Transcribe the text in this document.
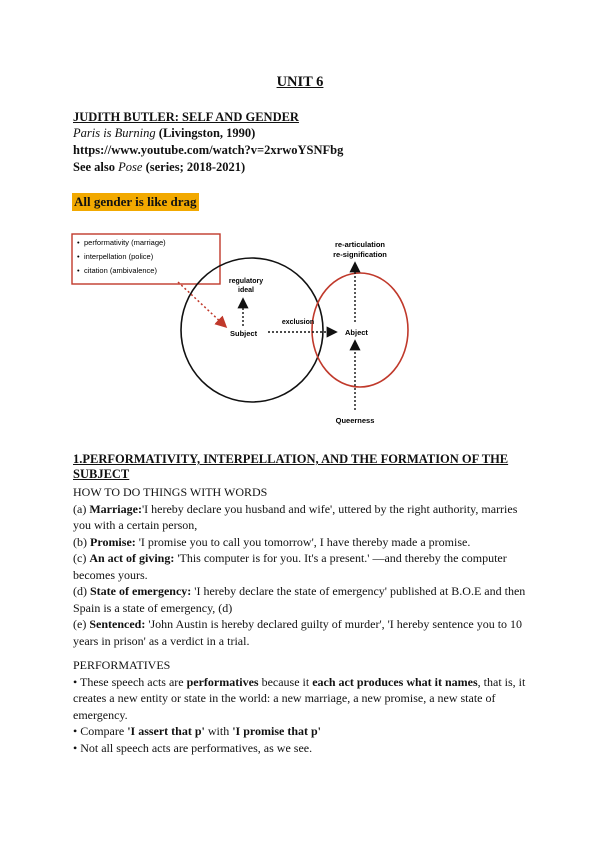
UNIT 6
JUDITH BUTLER: SELF AND GENDER
Paris is Burning (Livingston, 1990)
https://www.youtube.com/watch?v=2xrwoYSNFbg
See also Pose (series; 2018-2021)
All gender is like drag
• performativity (marriage)
• interpellation (police)
• citation (ambivalence)
regulatory
ideal
Subject
exclusion
Abject
re-articulation
re-signification
Queerness
1.PERFORMATIVITY, INTERPELLATION, AND THE FORMATION OF THE SUBJECT

HOW TO DO THINGS WITH WORDS

(a) Marriage:'I hereby declare you husband and wife', uttered by the right authority, marries you with a certain person,

(b) Promise: 'I promise you to call you tomorrow', I have thereby made a promise.

(c) An act of giving: 'This computer is for you. It's a present.' —and thereby the computer becomes yours.

(d) State of emergency: 'I hereby declare the state of emergency' published at B.O.E and then Spain is a state of emergency, (d)

(e) Sentenced: 'John Austin is hereby declared guilty of murder', 'I hereby sentence you to 10 years in prison' as a verdict in a trial.

PERFORMATIVES

• These speech acts are performatives because it each act produces what it names, that is, it creates a new entity or state in the world: a new marriage, a new promise, a new state of emergency.

• Compare 'I assert that p' with 'I promise that p'

• Not all speech acts are performatives, as we see.
